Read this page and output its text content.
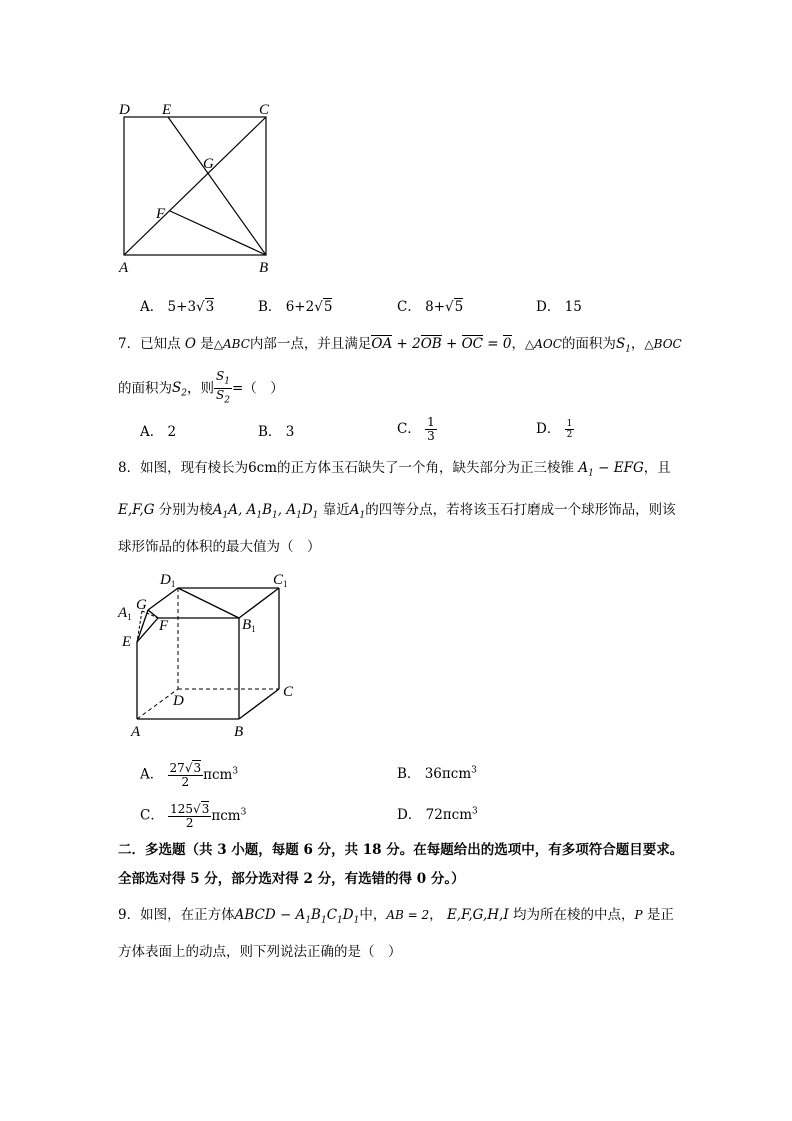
D E	C
G
F
A	B
A． 5+3√3	B． 6+2√5	C． 8+√5	D． 15
7．已知点 O 是△ABC内部一点，并且满足OA + 2OB + OC = 0，△AOC的面积为$S_1$，△BOC
的面积为$S_2$，则 $\frac{S_1}{S_2}$ =（　）
A． 2	B． 3	C． $\frac{1}{3}$	D． $\frac{1}{2}$
8．如图，现有棱长为6cm的正方体玉石缺失了一个角，缺失部分为正三棱锥 $A_1$ − EFG，且
E,F,G 分别为棱$A_1A$, $A_1B_1$, $A_1D_1$ 靠近$A_1$的四等分点，若将该玉石打磨成一个球形饰品，则该
球形饰品的体积的最大值为（　）
$D_1$	$C_1$
$A_1$
G
F	$B_1$
E
D
C
A	B
A． $\frac{27√3}{2} \pi cm^3$	B． 36πcm$^3$
C． $\frac{125√3}{2} \pi cm^3$	D． 72πcm$^3$
二．多选题（共 3 小题，每题 6 分，共 18 分。在每题给出的选项中，有多项符合题目要求。
全部选对得 5 分，部分选对得 2 分，有选错的得 0 分。）
9．如图，在正方体ABCD − $A_1B_1C_1D_1$中，AB = 2， E,F,G,H,I 均为所在棱的中点，P 是正
方体表面上的动点，则下列说法正确的是（　）
